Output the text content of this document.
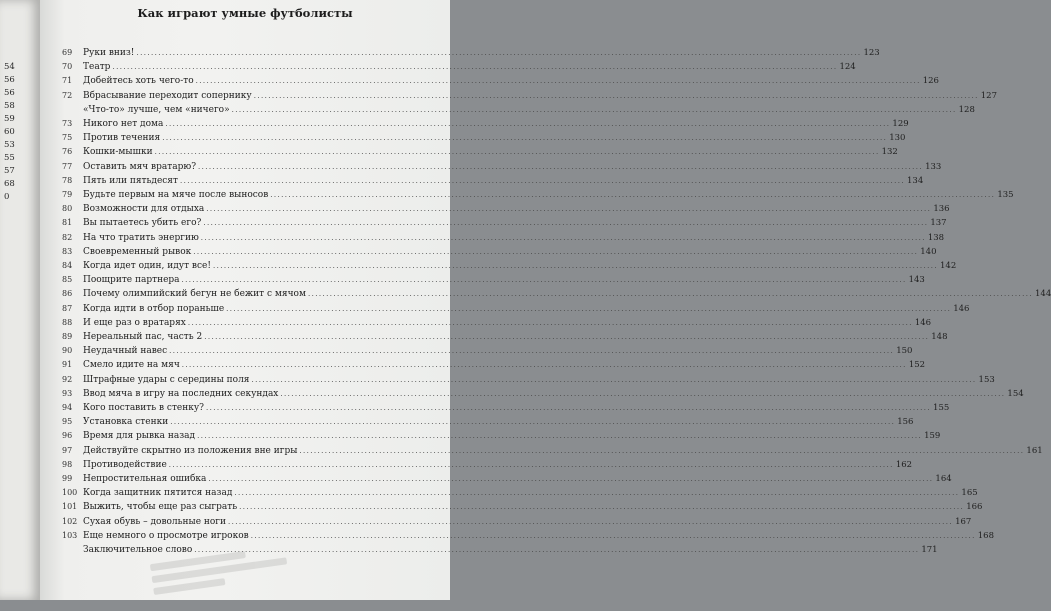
54
56
56
58
59
60
53
55
57
68
0
Как играют умные футболисты
69	Руки вниз! ........................................................................................................................................................................................................ 123
70	Театр ........................................................................................................................................................................................................ 124
71	Добейтесь хоть чего-то ........................................................................................................................................................................................................ 126
72	Вбрасывание переходит сопернику ........................................................................................................................................................................................................ 127
«Что-то» лучше, чем «ничего» ........................................................................................................................................................................................................ 128
73	Никого нет дома ........................................................................................................................................................................................................ 129
75	Против течения ........................................................................................................................................................................................................ 130
76	Кошки-мышки ........................................................................................................................................................................................................ 132
77	Оставить мяч вратарю? ........................................................................................................................................................................................................ 133
78	Пять или пятьдесят ........................................................................................................................................................................................................ 134
79	Будьте первым на мяче после выносов ........................................................................................................................................................................................................ 135
80	Возможности для отдыха ........................................................................................................................................................................................................ 136
81	Вы пытаетесь убить его? ........................................................................................................................................................................................................ 137
82	На что тратить энергию ........................................................................................................................................................................................................ 138
83	Своевременный рывок ........................................................................................................................................................................................................ 140
84	Когда идет один, идут все! ........................................................................................................................................................................................................ 142
85	Поощрите партнера ........................................................................................................................................................................................................ 143
86	Почему олимпийский бегун не бежит с мячом ........................................................................................................................................................................................................ 144
87	Когда идти в отбор пораньше ........................................................................................................................................................................................................ 146
88	И еще раз о вратарях ........................................................................................................................................................................................................ 146
89	Нереальный пас, часть 2 ........................................................................................................................................................................................................ 148
90	Неудачный навес ........................................................................................................................................................................................................ 150
91	Смело идите на мяч ........................................................................................................................................................................................................ 152
92	Штрафные удары с середины поля ........................................................................................................................................................................................................ 153
93	Ввод мяча в игру на последних секундах ........................................................................................................................................................................................................ 154
94	Кого поставить в стенку? ........................................................................................................................................................................................................ 155
95	Установка стенки ........................................................................................................................................................................................................ 156
96	Время для рывка назад ........................................................................................................................................................................................................ 159
97	Действуйте скрытно из положения вне игры ........................................................................................................................................................................................................ 161
98	Противодействие ........................................................................................................................................................................................................ 162
99	Непростительная ошибка ........................................................................................................................................................................................................ 164
100 Когда защитник пятится назад ........................................................................................................................................................................................................ 165
101 Выжить, чтобы еще раз сыграть ........................................................................................................................................................................................................ 166
102 Сухая обувь – довольные ноги ........................................................................................................................................................................................................ 167
103 Еще немного о просмотре игроков ........................................................................................................................................................................................................ 168
Заключительное слово ........................................................................................................................................................................................................ 171
